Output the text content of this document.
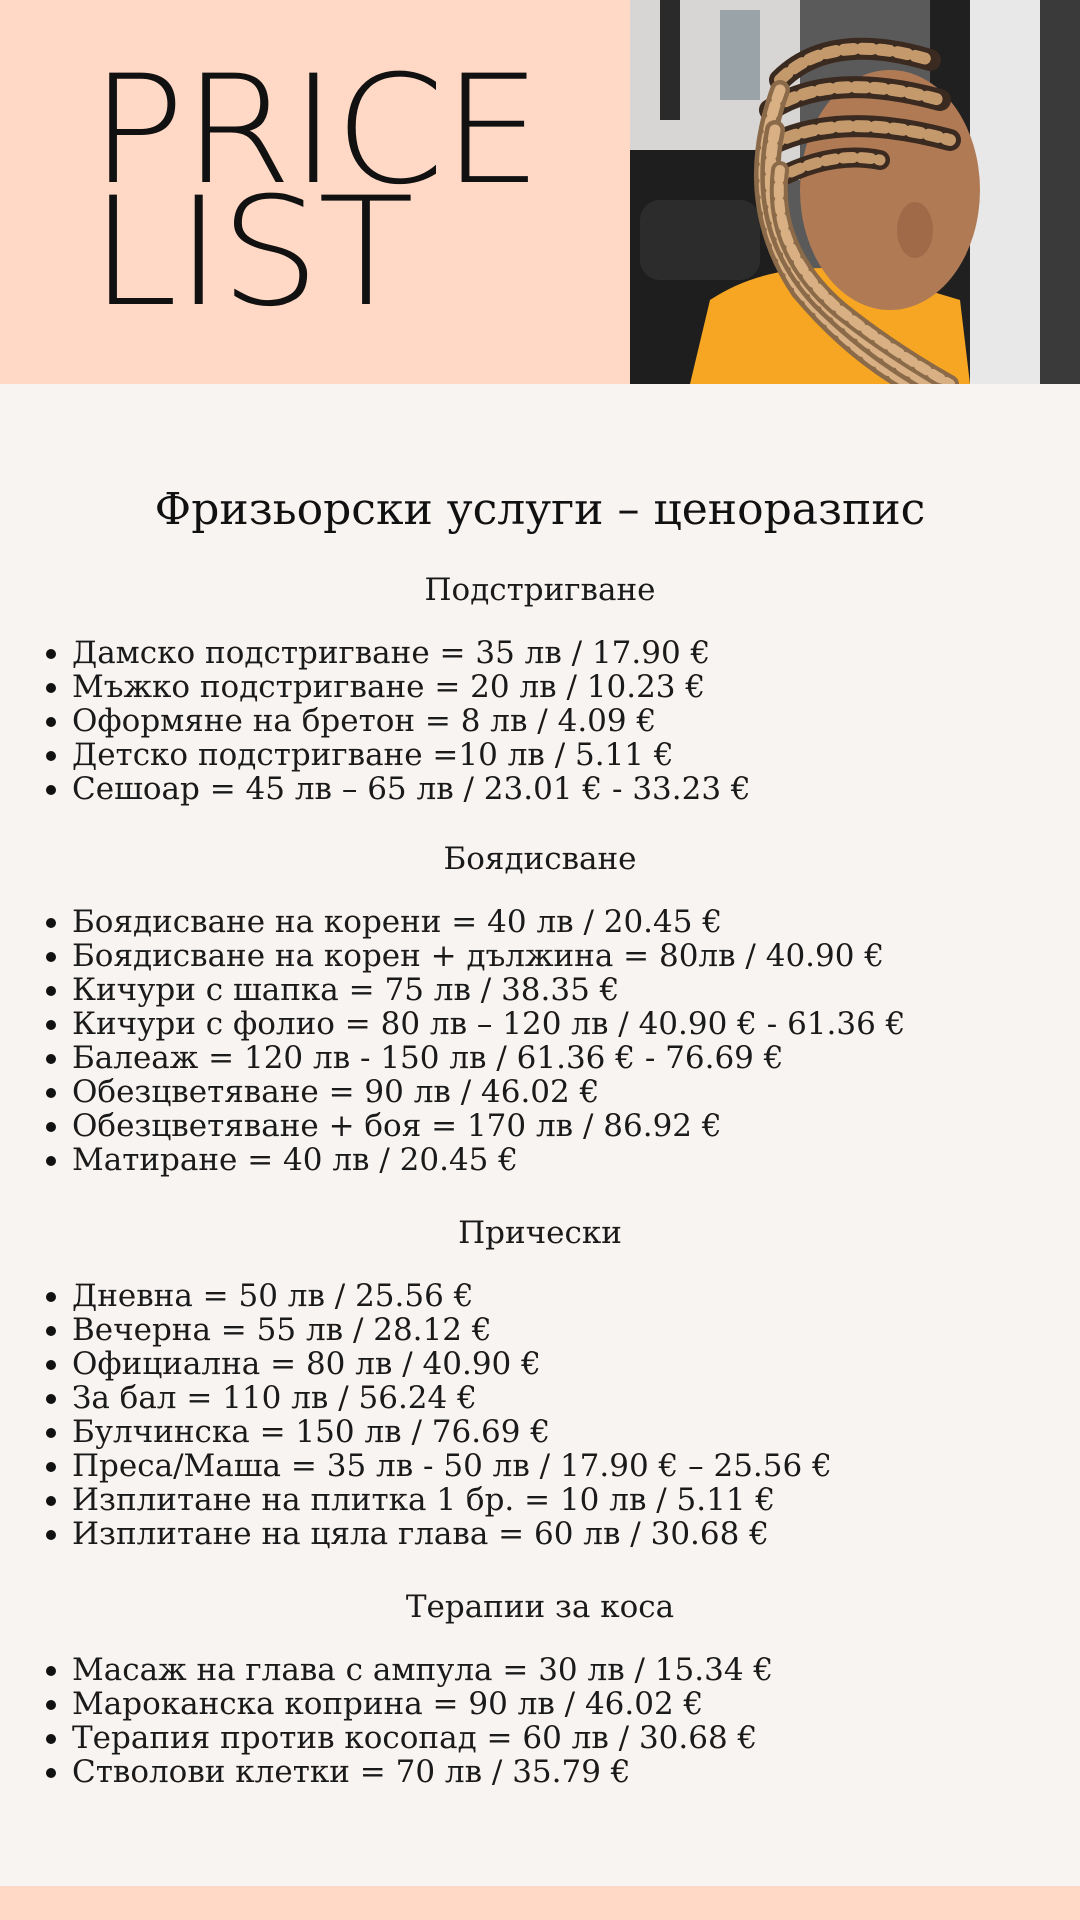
PRICE
LIST
Фризьорски услуги – ценоразпис
Подстригване
Дамско подстригване = 35 лв / 17.90 €
Мъжко подстригване = 20 лв / 10.23 €
Оформяне на бретон = 8 лв / 4.09 €
Детско подстригване =10 лв / 5.11 €
Сешоар = 45 лв – 65 лв / 23.01 € - 33.23 €
Боядисване
Боядисване на корени = 40 лв / 20.45 €
Боядисване на корен + дължина = 80лв / 40.90 €
Кичури с шапка = 75 лв / 38.35 €
Кичури с фолио = 80 лв – 120 лв / 40.90 € - 61.36 €
Балеаж = 120 лв - 150 лв / 61.36 € - 76.69 €
Обезцветяване = 90 лв / 46.02 €
Обезцветяване + боя = 170 лв / 86.92 €
Матиране = 40 лв / 20.45 €
Прически
Дневна = 50 лв / 25.56 €
Вечерна = 55 лв / 28.12 €
Официална = 80 лв / 40.90 €
За бал = 110 лв / 56.24 €
Булчинска = 150 лв / 76.69 €
Преса/Маша = 35 лв - 50 лв / 17.90 € – 25.56 €
Изплитане на плитка 1 бр. = 10 лв / 5.11 €
Изплитане на цяла глава = 60 лв / 30.68 €
Терапии за коса
Масаж на глава с ампула = 30 лв / 15.34 €
Мароканска коприна = 90 лв / 46.02 €
Терапия против косопад = 60 лв / 30.68 €
Стволови клетки = 70 лв / 35.79 €
